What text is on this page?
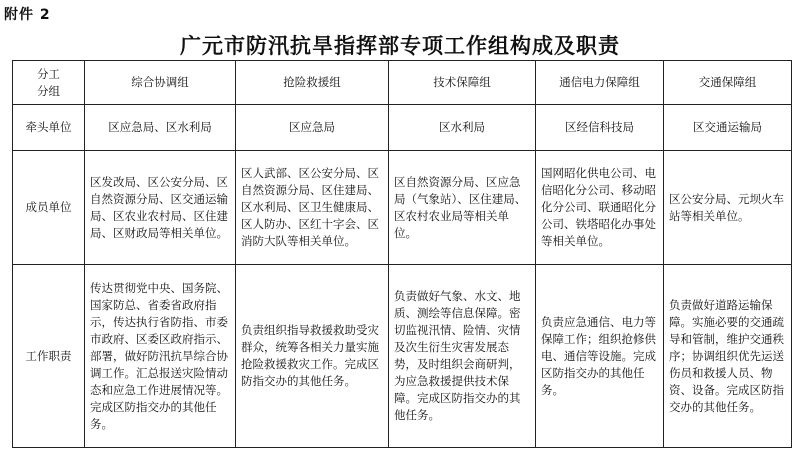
附件 2
广元市防汛抗旱指挥部专项工作组构成及职责
分工
分组	综合协调组	抢险救援组	技术保障组	通信电力保障组	交通保障组
牵头单位	区应急局、区水利局	区应急局	区水利局	区经信科技局	区交通运输局
成员单位	区发改局、区公安分局、区自然资源分局、区交通运输局、区农业农村局、区住建局、区财政局等相关单位。	区人武部、区公安分局、区自然资源分局、区住建局、区水利局、区卫生健康局、区人防办、区红十字会、区消防大队等相关单位。	区自然资源分局、区应急局（气象站）、区住建局、区农村农业局等相关单位。	国网昭化供电公司、电信昭化分公司、移动昭化分公司、联通昭化分公司、铁塔昭化办事处等相关单位。	区公安分局、元坝火车站等相关单位。
工作职责	传达贯彻党中央、国务院、国家防总、省委省政府指示，传达执行省防指、市委市政府、区委区政府指示、部署，做好防汛抗旱综合协调工作。汇总报送灾险情动态和应急工作进展情况等。完成区防指交办的其他任务。	负责组织指导救援救助受灾群众，统筹各相关力量实施抢险救援救灾工作。完成区防指交办的其他任务。	负责做好气象、水文、地质、测绘等信息保障。密切监视汛情、险情、灾情及次生衍生灾害发展态势，及时组织会商研判，为应急救援提供技术保障。完成区防指交办的其他任务。	负责应急通信、电力等保障工作；组织抢修供电、通信等设施。完成区防指交办的其他任务。	负责做好道路运输保障。实施必要的交通疏导和管制，维护交通秩序；协调组织优先运送伤员和救援人员、物资、设备。完成区防指交办的其他任务。
